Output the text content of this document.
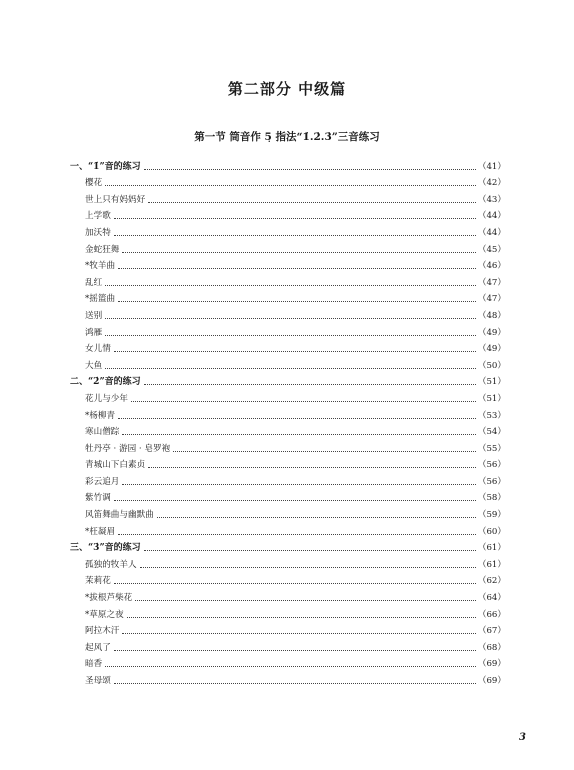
第二部分 中级篇
第一节 筒音作 5̣ 指法“1̇.2̇.3̇”三音练习
一、“1̇”音的练习	（41）
樱花	（42）
世上只有妈妈好	（43）
上学歌	（44）
加沃特	（44）
金蛇狂舞	（45）
*牧羊曲	（46）
乱红	（47）
*摇篮曲	（47）
送别	（48）
鸿雁	（49）
女儿情	（49）
大鱼	（50）
二、“2̇”音的练习	（51）
花儿与少年	（51）
*杨柳青	（53）
寒山僧踪	（54）
牡丹亭 · 游园 · 皂罗袍	（55）
青城山下白素贞	（56）
彩云追月	（56）
紫竹调	（58）
风笛舞曲与幽默曲	（59）
*枉凝眉	（60）
三、“3̇”音的练习	（61）
孤独的牧羊人	（61）
茉莉花	（62）
*拔根芦柴花	（64）
*草原之夜	（66）
阿拉木汗	（67）
起风了	（68）
暗香	（69）
圣母颂	（69）
3
